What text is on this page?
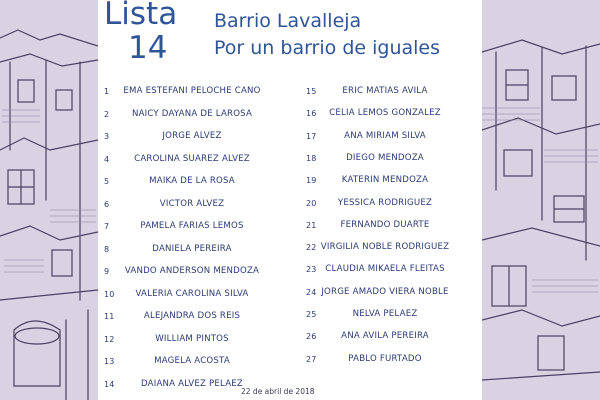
Lista
14
Barrio Lavalleja
Por un barrio de iguales
1 EMA ESTEFANI PELOCHE CANO
2	NAICY DAYANA DE LAROSA
3	JORGE ALVEZ
4	CAROLINA SUAREZ ALVEZ
5	MAIKA DE LA ROSA
6	VICTOR ALVEZ
7	PAMELA FARIAS LEMOS
8	DANIELA PEREIRA
9 VANDO ANDERSON MENDOZA
10 VALERIA CAROLINA SILVA
11	ALEJANDRA DOS REIS
12	WILLIAM PINTOS
13	MAGELA ACOSTA
14	DAIANA ALVEZ PELAEZ
15	ERIC MATIAS AVILA
16 CELIA LEMOS GONZALEZ
17	ANA MIRIAM SILVA
18	DIEGO MENDOZA
19	KATERIN MENDOZA
20 YESSICA RODRIGUEZ
21	FERNANDO DUARTE
22 VIRGILIA NOBLE RODRIGUEZ
23 CLAUDIA MIKAELA FLEITAS
24 JORGE AMADO VIERA NOBLE
25	NELVA PELAEZ
26	ANA AVILA PEREIRA
27	PABLO FURTADO
22 de abril de 2018
